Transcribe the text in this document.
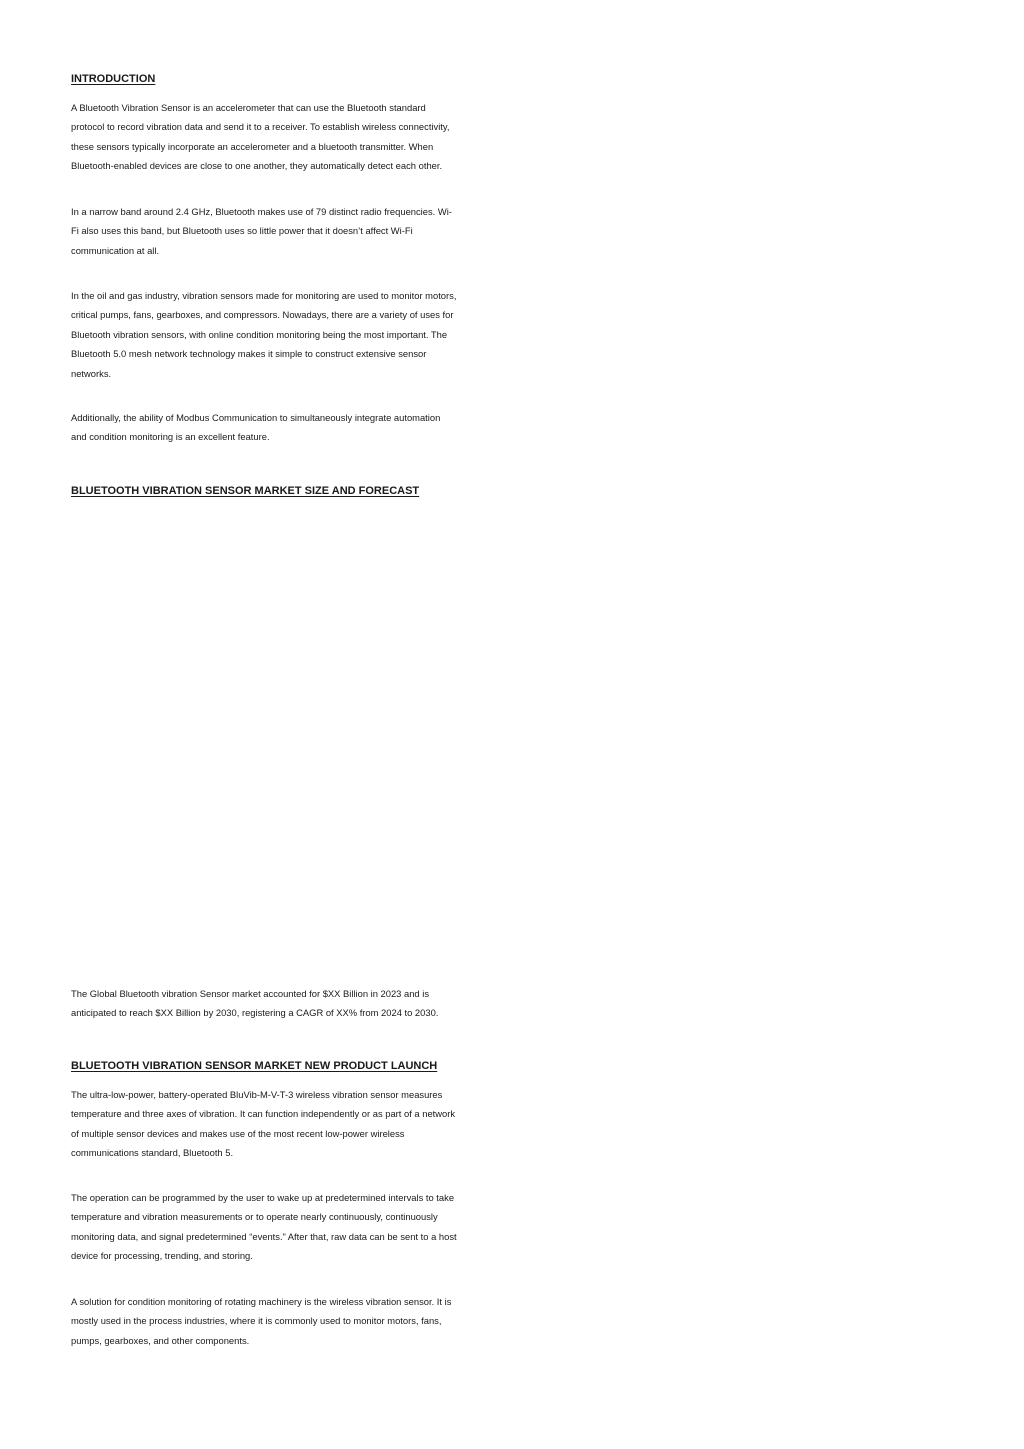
INTRODUCTION

A Bluetooth Vibration Sensor is an accelerometer that can use the Bluetooth standard
protocol to record vibration data and send it to a receiver. To establish wireless connectivity,
these sensors typically incorporate an accelerometer and a bluetooth transmitter. When
Bluetooth-enabled devices are close to one another, they automatically detect each other.

In a narrow band around 2.4 GHz, Bluetooth makes use of 79 distinct radio frequencies. Wi-
Fi also uses this band, but Bluetooth uses so little power that it doesn’t affect Wi-Fi
communication at all.

In the oil and gas industry, vibration sensors made for monitoring are used to monitor motors,
critical pumps, fans, gearboxes, and compressors. Nowadays, there are a variety of uses for
Bluetooth vibration sensors, with online condition monitoring being the most important. The
Bluetooth 5.0 mesh network technology makes it simple to construct extensive sensor
networks.

Additionally, the ability of Modbus Communication to simultaneously integrate automation
and condition monitoring is an excellent feature.

BLUETOOTH VIBRATION SENSOR MARKET SIZE AND FORECAST

The Global Bluetooth vibration Sensor market accounted for $XX Billion in 2023 and is
anticipated to reach $XX Billion by 2030, registering a CAGR of XX% from 2024 to 2030.

BLUETOOTH VIBRATION SENSOR MARKET NEW PRODUCT LAUNCH

The ultra-low-power, battery-operated BluVib-M-V-T-3 wireless vibration sensor measures
temperature and three axes of vibration. It can function independently or as part of a network
of multiple sensor devices and makes use of the most recent low-power wireless
communications standard, Bluetooth 5.

The operation can be programmed by the user to wake up at predetermined intervals to take
temperature and vibration measurements or to operate nearly continuously, continuously
monitoring data, and signal predetermined “events.” After that, raw data can be sent to a host
device for processing, trending, and storing.

A solution for condition monitoring of rotating machinery is the wireless vibration sensor. It is
mostly used in the process industries, where it is commonly used to monitor motors, fans,
pumps, gearboxes, and other components.
